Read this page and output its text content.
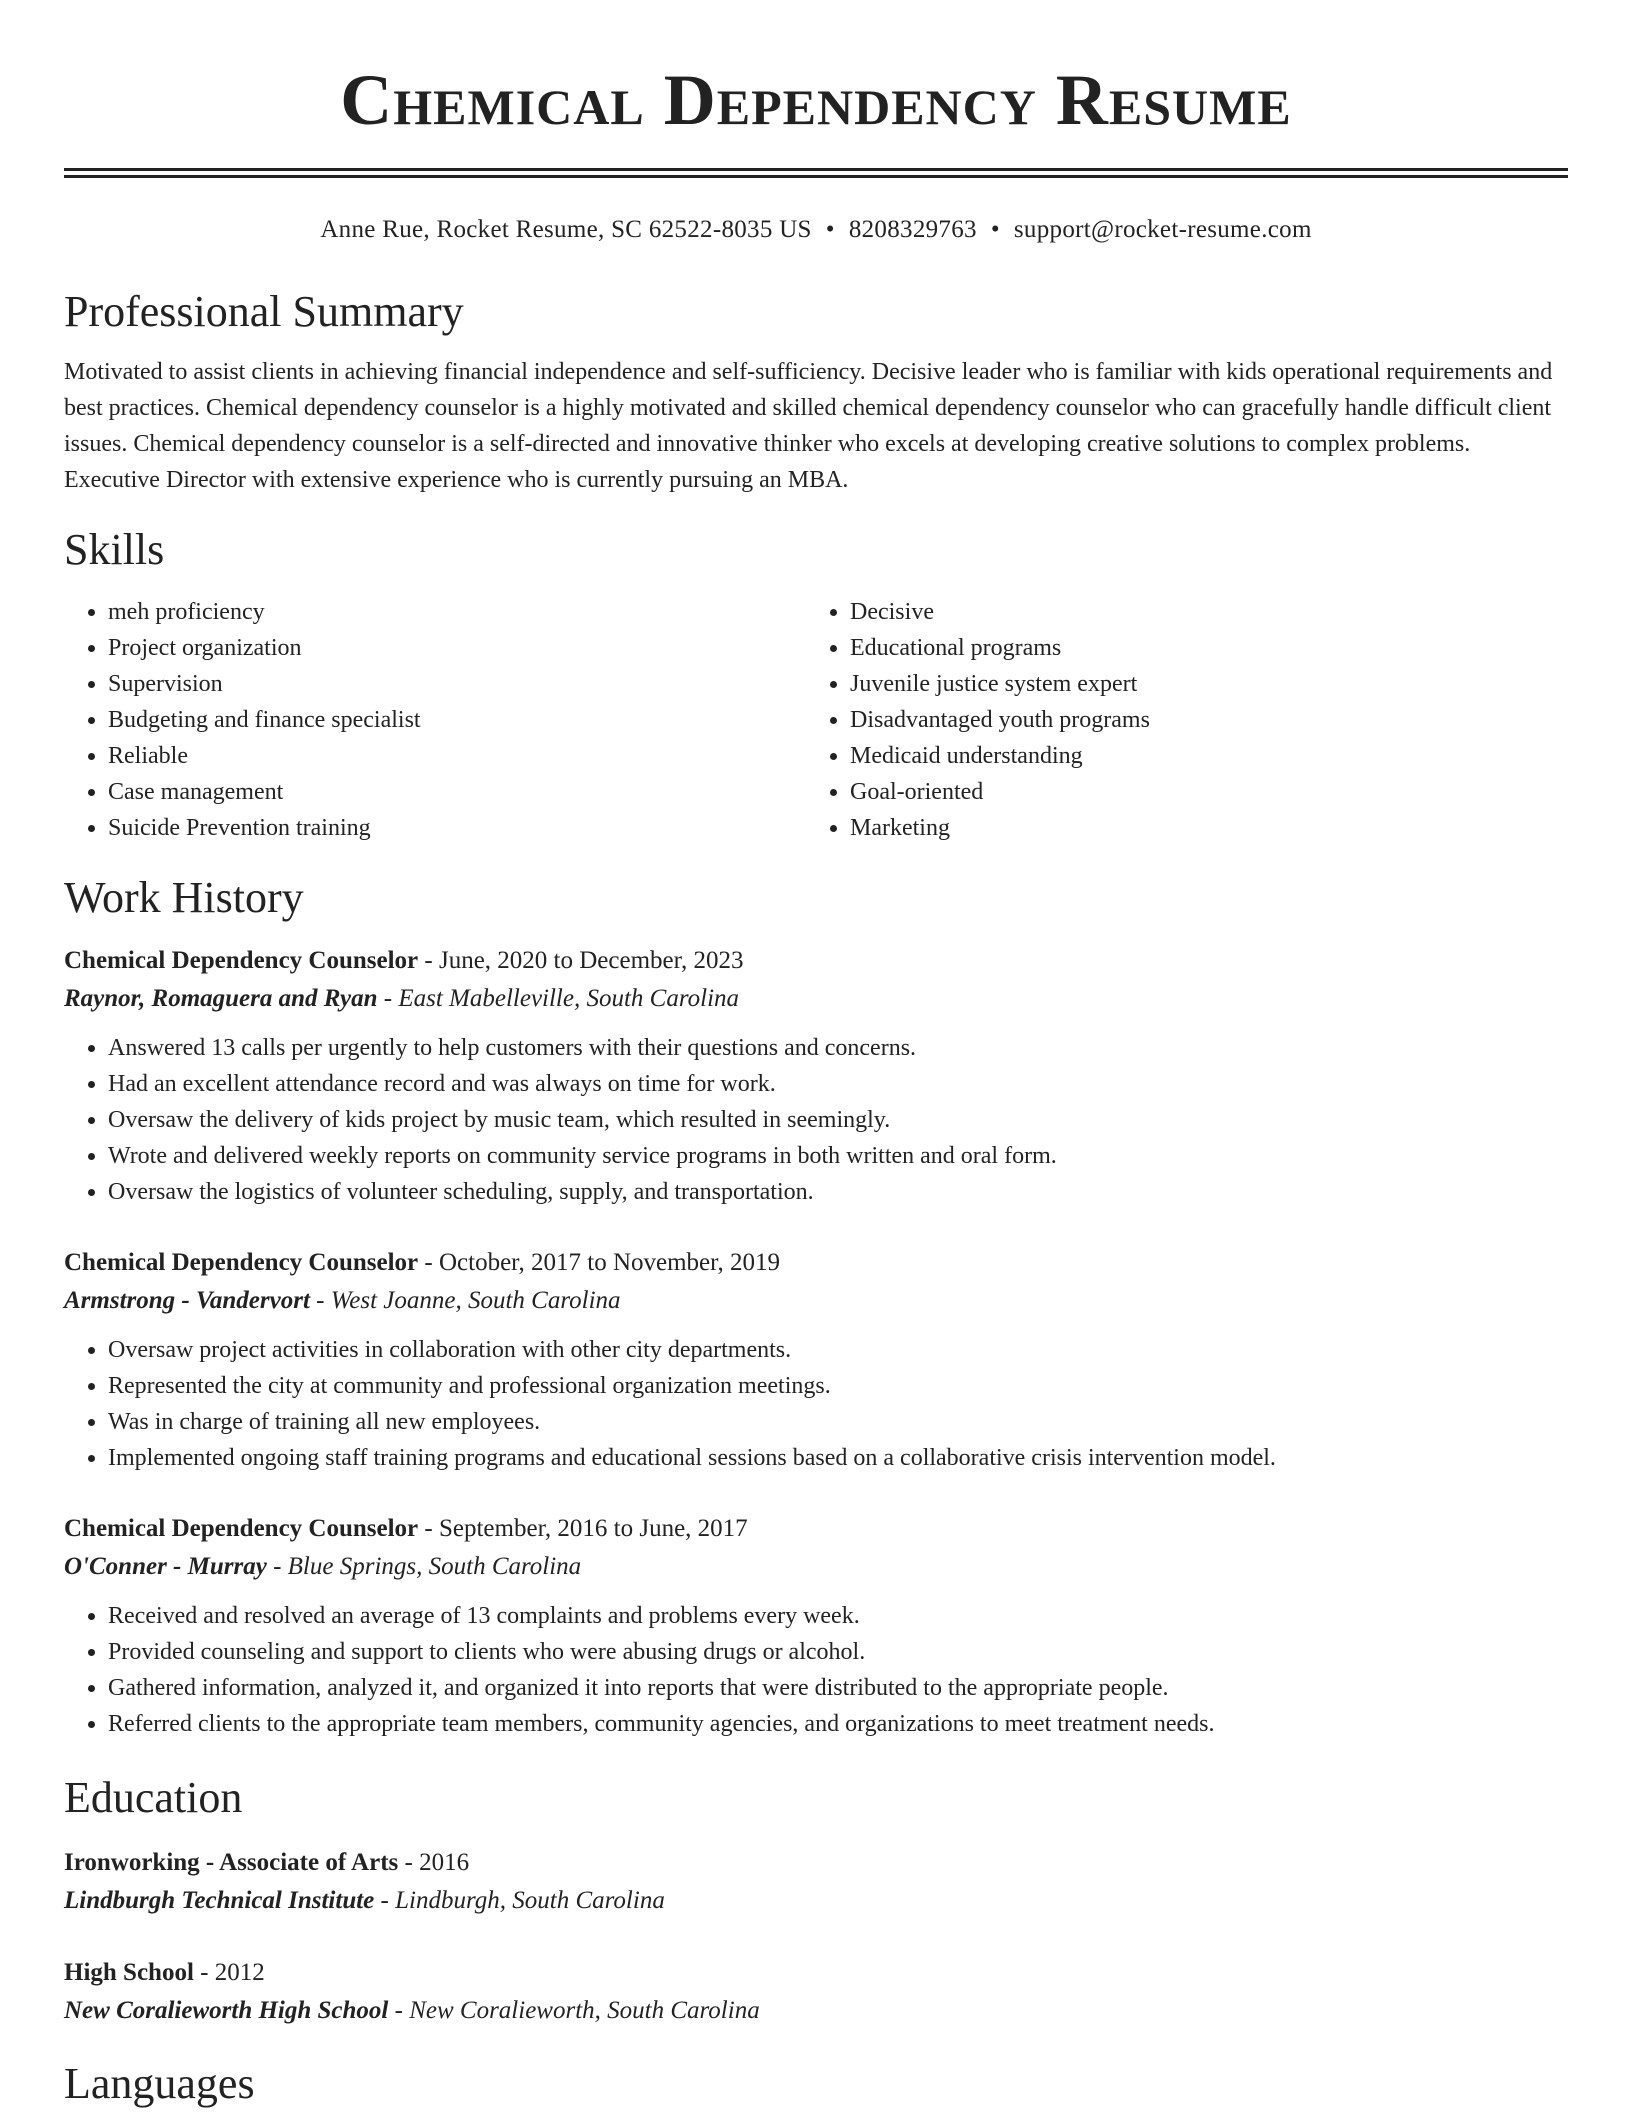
Chemical Dependency Resume
Anne Rue, Rocket Resume, SC 62522-8035 US • 8208329763 • support@rocket-resume.com
Professional Summary

Motivated to assist clients in achieving financial independence and self-sufficiency. Decisive leader who is familiar with kids operational requirements and best practices. Chemical dependency counselor is a highly motivated and skilled chemical dependency counselor who can gracefully handle difficult client issues. Chemical dependency counselor is a self-directed and innovative thinker who excels at developing creative solutions to complex problems. Executive Director with extensive experience who is currently pursuing an MBA.

Skills
• meh proficiency
• Project organization
• Supervision
• Budgeting and finance specialist
• Reliable
• Case management
• Suicide Prevention training
• Decisive
• Educational programs
• Juvenile justice system expert
• Disadvantaged youth programs
• Medicaid understanding
• Goal-oriented
• Marketing
Work History
Chemical Dependency Counselor - June, 2020 to December, 2023
Raynor, Romaguera and Ryan - East Mabelleville, South Carolina
• Answered 13 calls per urgently to help customers with their questions and concerns.
• Had an excellent attendance record and was always on time for work.
• Oversaw the delivery of kids project by music team, which resulted in seemingly.
• Wrote and delivered weekly reports on community service programs in both written and oral form.
• Oversaw the logistics of volunteer scheduling, supply, and transportation.
Chemical Dependency Counselor - October, 2017 to November, 2019
Armstrong - Vandervort - West Joanne, South Carolina
• Oversaw project activities in collaboration with other city departments.
• Represented the city at community and professional organization meetings.
• Was in charge of training all new employees.
• Implemented ongoing staff training programs and educational sessions based on a collaborative crisis intervention model.
Chemical Dependency Counselor - September, 2016 to June, 2017
O'Conner - Murray - Blue Springs, South Carolina
• Received and resolved an average of 13 complaints and problems every week.
• Provided counseling and support to clients who were abusing drugs or alcohol.
• Gathered information, analyzed it, and organized it into reports that were distributed to the appropriate people.
• Referred clients to the appropriate team members, community agencies, and organizations to meet treatment needs.
Education
Ironworking - Associate of Arts - 2016
Lindburgh Technical Institute - Lindburgh, South Carolina
High School - 2012
New Coralieworth High School - New Coralieworth, South Carolina
Languages
